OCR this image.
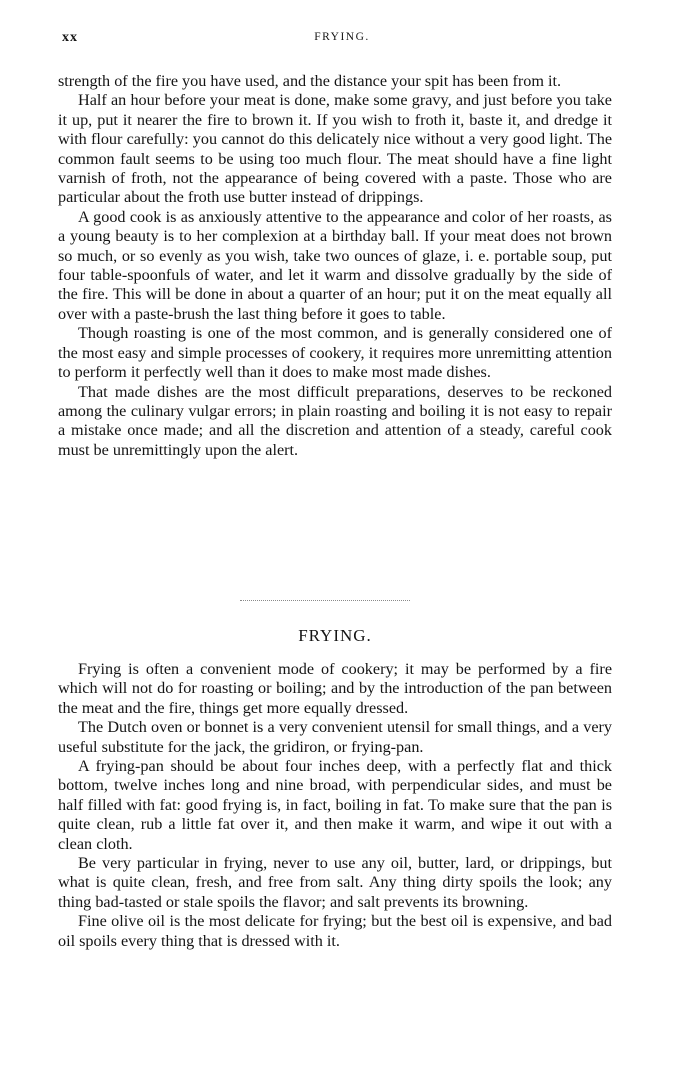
xx	FRYING.

strength of the fire you have used, and the distance your spit has been from it.

Half an hour before your meat is done, make some gravy, and just before you take it up, put it nearer the fire to brown it. If you wish to froth it, baste it, and dredge it with flour carefully: you cannot do this delicately nice without a very good light. The common fault seems to be using too much flour. The meat should have a fine light varnish of froth, not the appearance of being covered with a paste. Those who are particular about the froth use butter instead of drippings.

A good cook is as anxiously attentive to the appearance and color of her roasts, as a young beauty is to her complexion at a birthday ball. If your meat does not brown so much, or so evenly as you wish, take two ounces of glaze, i. e. portable soup, put four table-spoonfuls of water, and let it warm and dissolve gradually by the side of the fire. This will be done in about a quarter of an hour; put it on the meat equally all over with a paste-brush the last thing before it goes to table.

Though roasting is one of the most common, and is generally considered one of the most easy and simple processes of cookery, it requires more unremitting attention to perform it perfectly well than it does to make most made dishes.

That made dishes are the most difficult preparations, deserves to be reckoned among the culinary vulgar errors; in plain roasting and boiling it is not easy to repair a mistake once made; and all the discretion and attention of a steady, careful cook must be unremittingly upon the alert.

FRYING.

Frying is often a convenient mode of cookery; it may be performed by a fire which will not do for roasting or boiling; and by the introduction of the pan between the meat and the fire, things get more equally dressed.

The Dutch oven or bonnet is a very convenient utensil for small things, and a very useful substitute for the jack, the gridiron, or frying-pan.

A frying-pan should be about four inches deep, with a perfectly flat and thick bottom, twelve inches long and nine broad, with perpendicular sides, and must be half filled with fat: good frying is, in fact, boiling in fat. To make sure that the pan is quite clean, rub a little fat over it, and then make it warm, and wipe it out with a clean cloth.

Be very particular in frying, never to use any oil, butter, lard, or drippings, but what is quite clean, fresh, and free from salt. Any thing dirty spoils the look; any thing bad-tasted or stale spoils the flavor; and salt prevents its browning.

Fine olive oil is the most delicate for frying; but the best oil is expensive, and bad oil spoils every thing that is dressed with it.
